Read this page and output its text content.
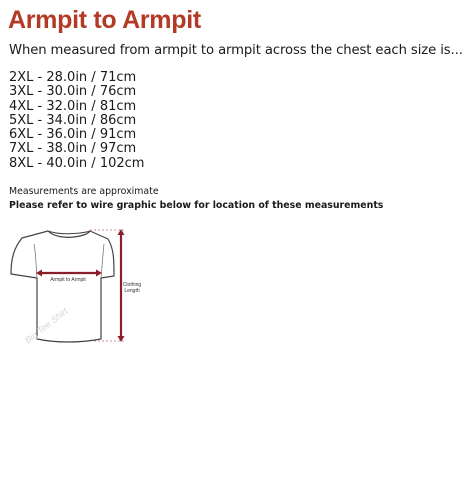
Armpit to Armpit
When measured from armpit to armpit across the chest each size is...
2XL - 28.0in / 71cm
3XL - 30.0in / 76cm
4XL - 32.0in / 81cm
5XL - 34.0in / 86cm
6XL - 36.0in / 91cm
7XL - 38.0in / 97cm
8XL - 40.0in / 102cm
Measurements are approximate
Please refer to wire graphic below for location of these measurements
Armpit to Armpit
Clothing
Length
Big Tee Shirt
